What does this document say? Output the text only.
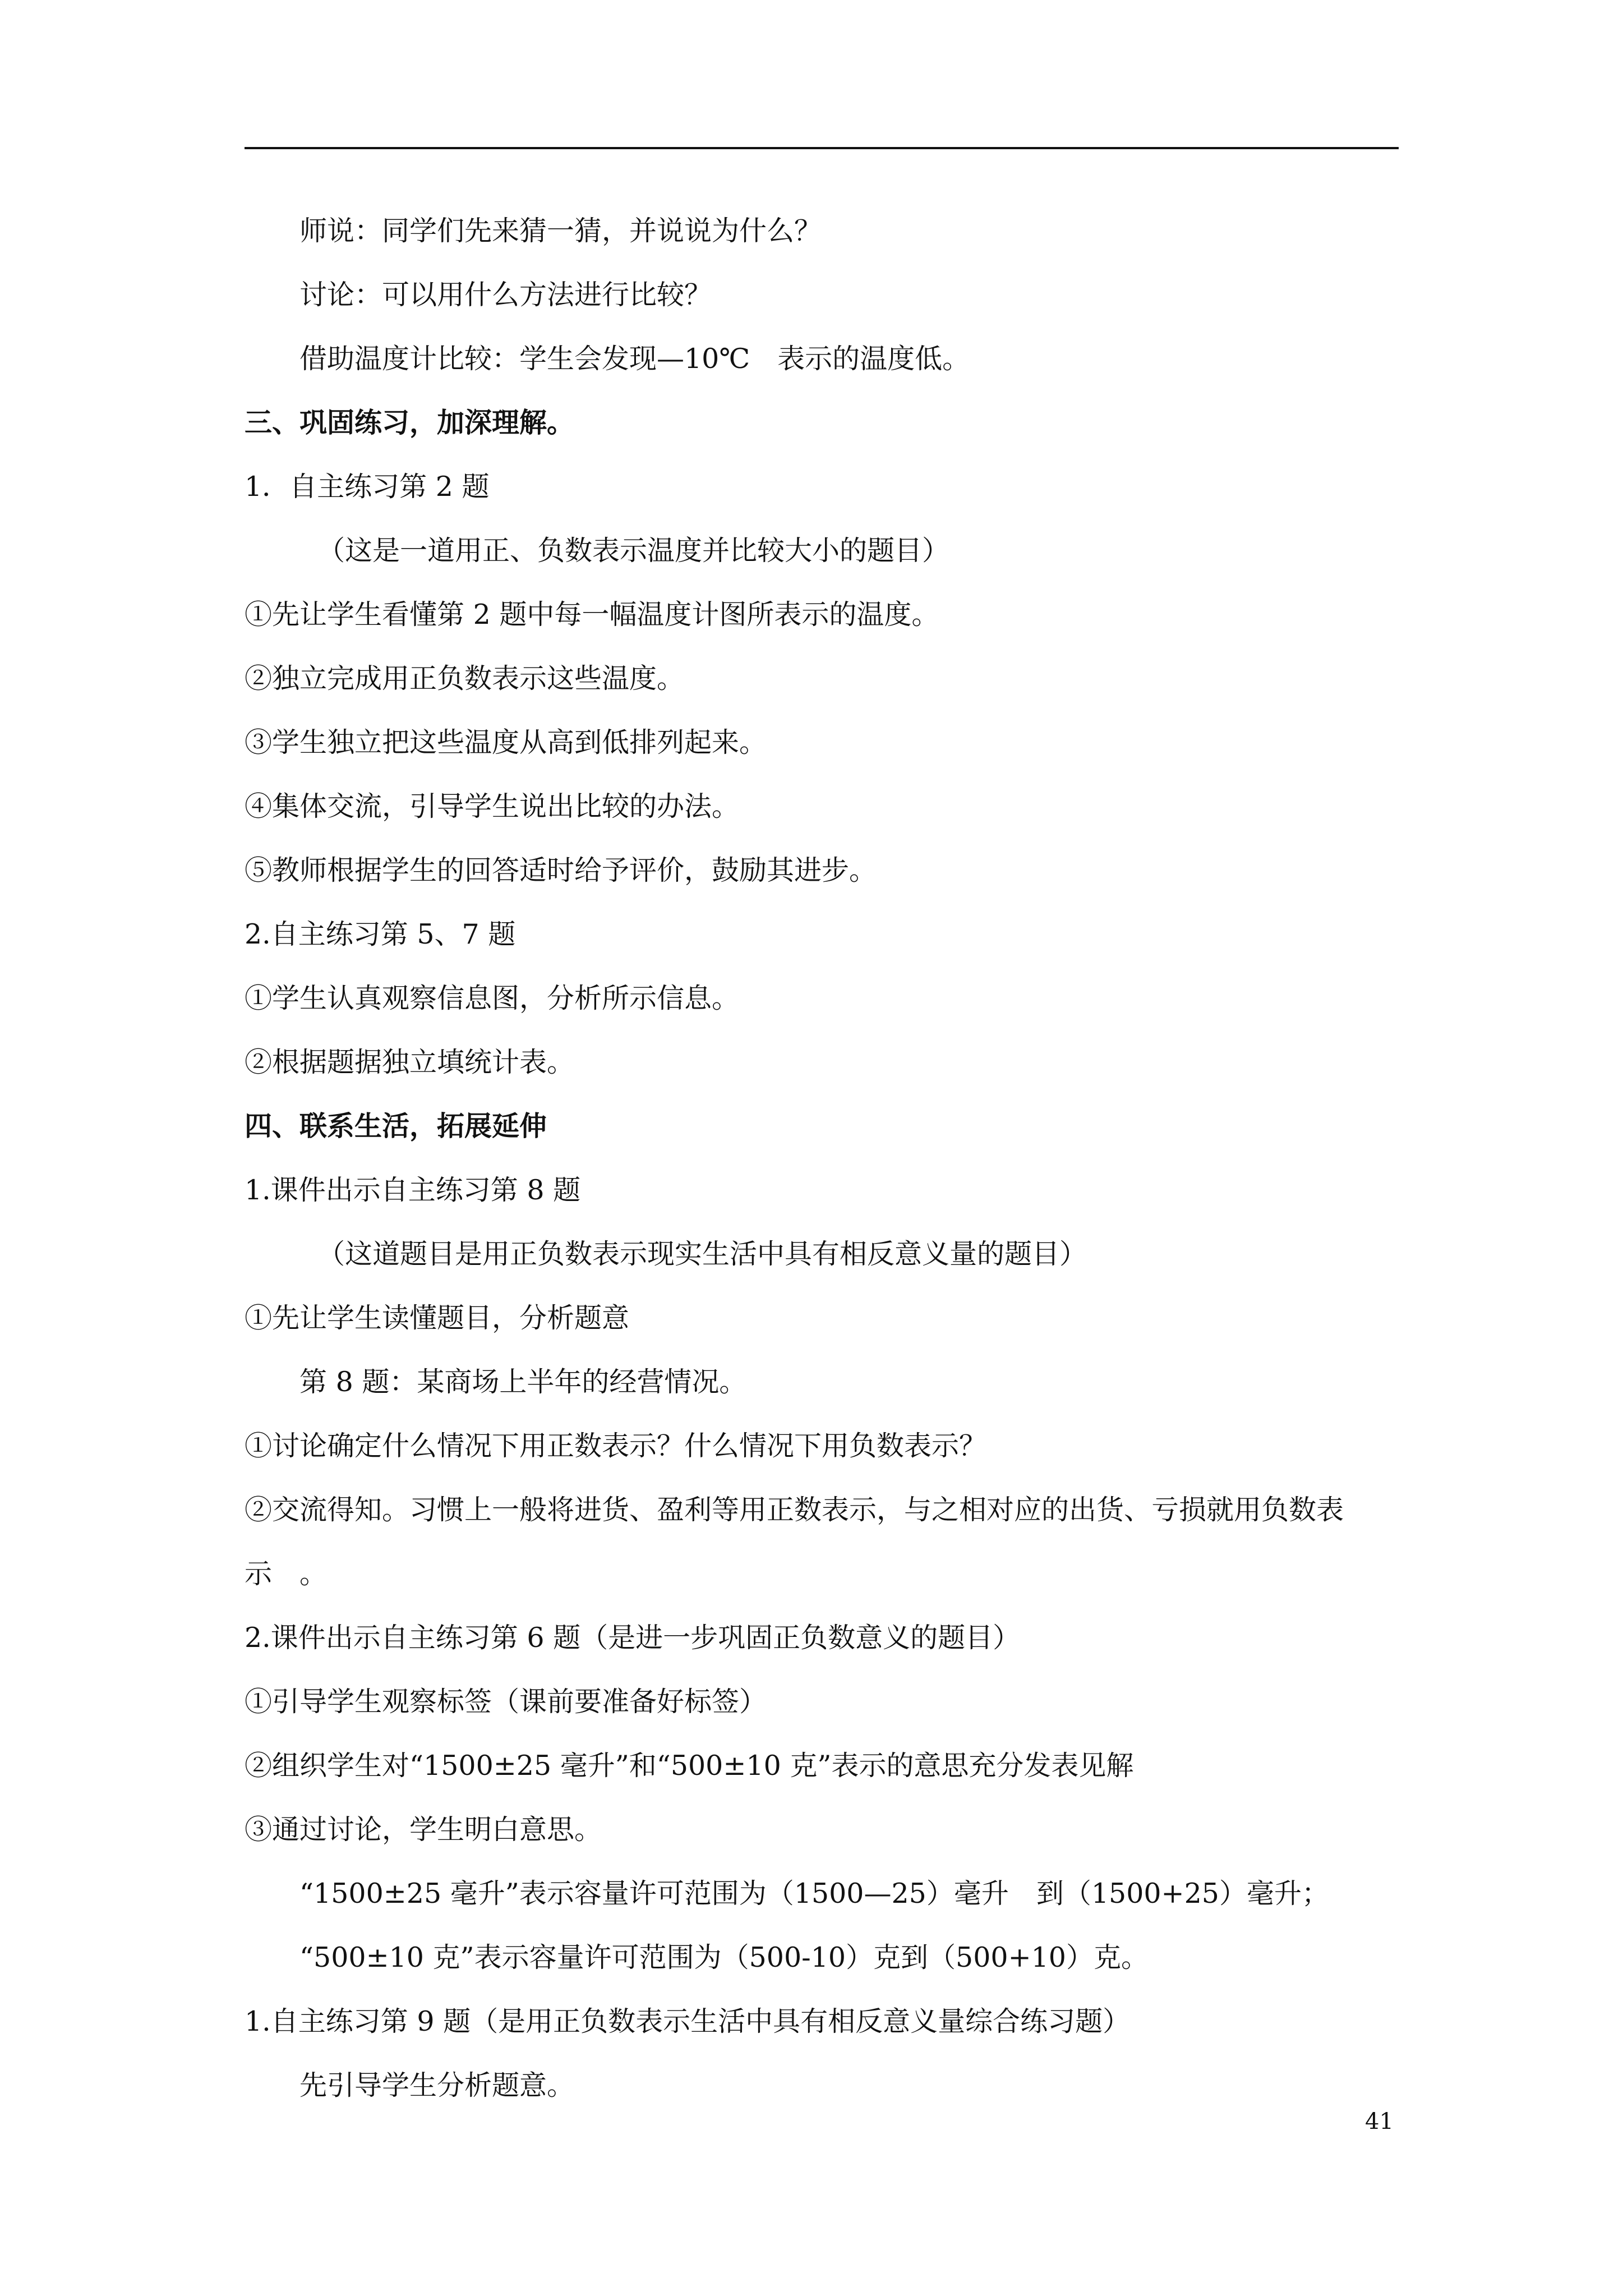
师说：同学们先来猜一猜，并说说为什么？
讨论：可以用什么方法进行比较？
借助温度计比较：学生会发现—10℃　表示的温度低。
三、巩固练习，加深理解。
1．自主练习第 2 题
（这是一道用正、负数表示温度并比较大小的题目）
①先让学生看懂第 2 题中每一幅温度计图所表示的温度。
②独立完成用正负数表示这些温度。
③学生独立把这些温度从高到低排列起来。
④集体交流，引导学生说出比较的办法。
⑤教师根据学生的回答适时给予评价，鼓励其进步。
2.自主练习第 5、7 题
①学生认真观察信息图，分析所示信息。
②根据题据独立填统计表。
四、联系生活，拓展延伸
1.课件出示自主练习第 8 题
（这道题目是用正负数表示现实生活中具有相反意义量的题目）
①先让学生读懂题目，分析题意
第 8 题：某商场上半年的经营情况。
①讨论确定什么情况下用正数表示？什么情况下用负数表示？
②交流得知。习惯上一般将进货、盈利等用正数表示，与之相对应的出货、亏损就用负数表
示　。
2.课件出示自主练习第 6 题（是进一步巩固正负数意义的题目）
①引导学生观察标签（课前要准备好标签）
②组织学生对“1500±25 毫升”和“500±10 克”表示的意思充分发表见解
③通过讨论，学生明白意思。
“1500±25 毫升”表示容量许可范围为（1500—25）毫升　到（1500+25）毫升；
“500±10 克”表示容量许可范围为（500-10）克到（500+10）克。
1.自主练习第 9 题（是用正负数表示生活中具有相反意义量综合练习题）
先引导学生分析题意。
41
